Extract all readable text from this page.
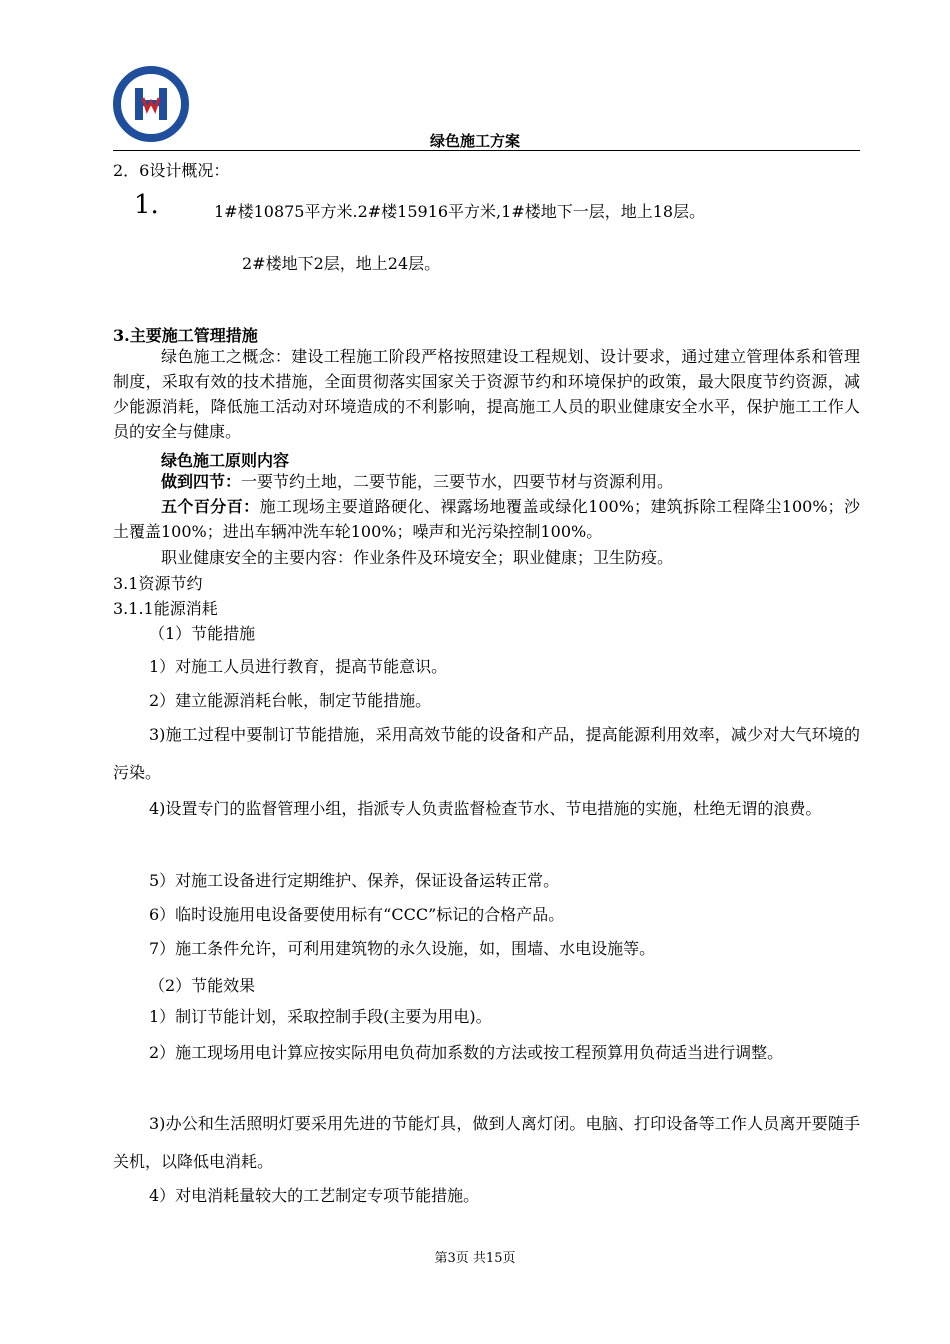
绿色施工方案
2．6设计概况：
1.	1#楼10875平方米.2#楼15916平方米,1#楼地下一层，地上18层。
2#楼地下2层，地上24层。
3.主要施工管理措施
绿色施工之概念：建设工程施工阶段严格按照建设工程规划、设计要求，通过建立管理体系和管理制度，采取有效的技术措施，全面贯彻落实国家关于资源节约和环境保护的政策，最大限度节约资源，减少能源消耗，降低施工活动对环境造成的不利影响，提高施工人员的职业健康安全水平，保护施工工作人员的安全与健康。
绿色施工原则内容
做到四节：一要节约土地，二要节能，三要节水，四要节材与资源利用。
五个百分百：施工现场主要道路硬化、裸露场地覆盖或绿化100%；建筑拆除工程降尘100%；沙土覆盖100%；进出车辆冲洗车轮100%；噪声和光污染控制100%。
职业健康安全的主要内容：作业条件及环境安全；职业健康；卫生防疫。
3.1资源节约
3.1.1能源消耗
（1）节能措施
1）对施工人员进行教育，提高节能意识。
2）建立能源消耗台帐，制定节能措施。
3)施工过程中要制订节能措施，采用高效节能的设备和产品，提高能源利用效率，减少对大气环境的污染。
4)设置专门的监督管理小组，指派专人负责监督检查节水、节电措施的实施，杜绝无谓的浪费。
5）对施工设备进行定期维护、保养，保证设备运转正常。
6）临时设施用电设备要使用标有“CCC”标记的合格产品。
7）施工条件允许，可利用建筑物的永久设施，如，围墙、水电设施等。
（2）节能效果
1）制订节能计划，采取控制手段(主要为用电)。
2）施工现场用电计算应按实际用电负荷加系数的方法或按工程预算用负荷适当进行调整。
3)办公和生活照明灯要采用先进的节能灯具，做到人离灯闭。电脑、打印设备等工作人员离开要随手关机，以降低电消耗。
4）对电消耗量较大的工艺制定专项节能措施。
第3页 共15页
